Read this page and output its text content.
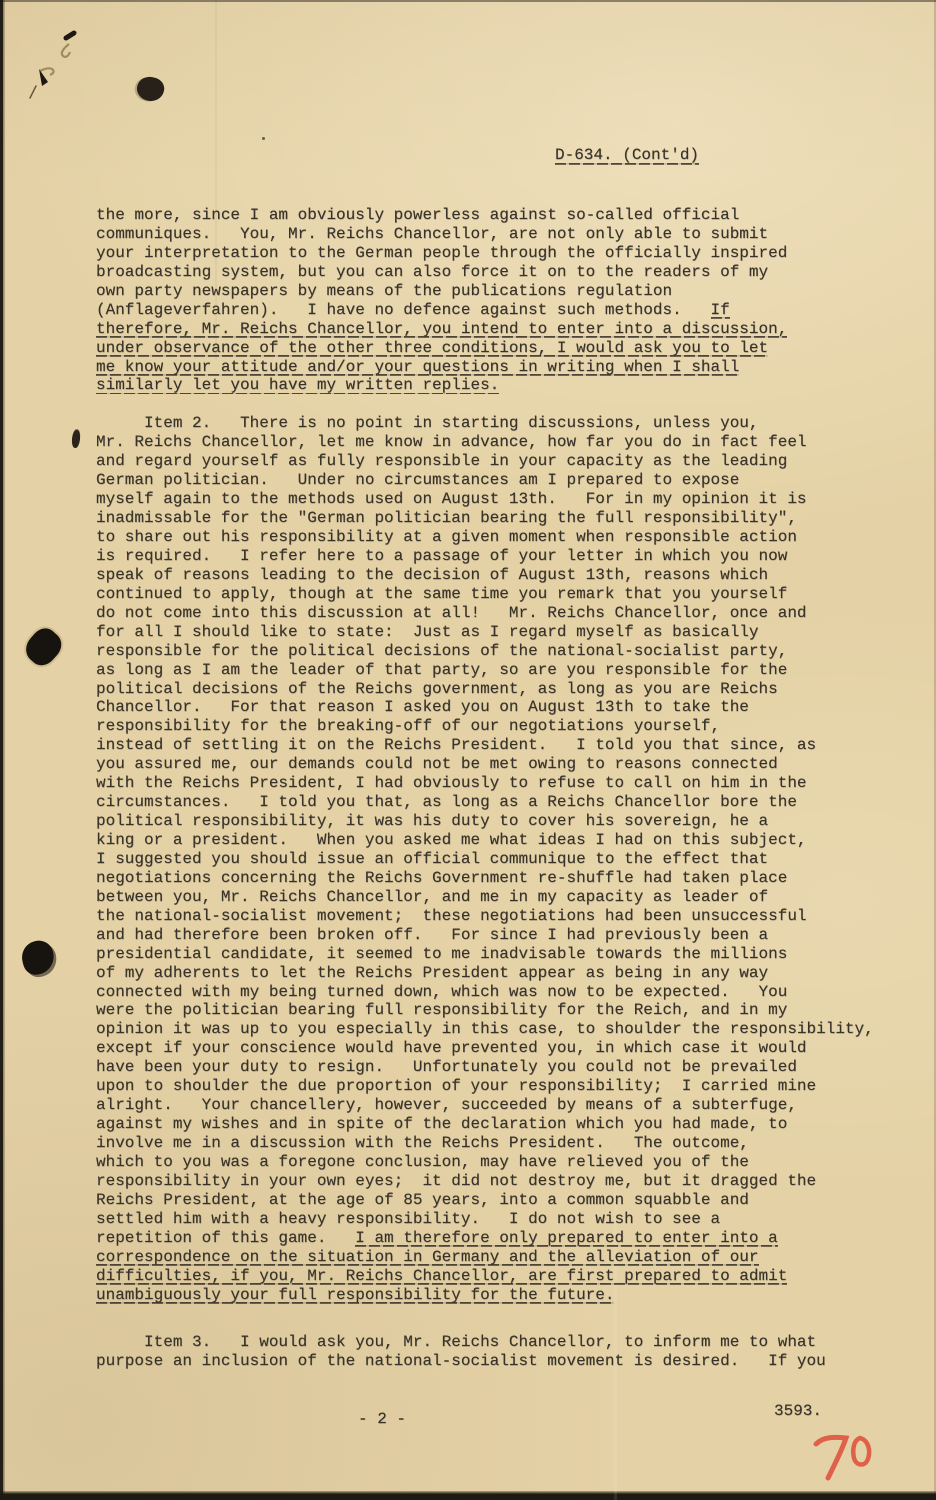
D-634. (Cont'd)
the more, since I am obviously powerless against so-called official
communiques.   You, Mr. Reichs Chancellor, are not only able to submit
your interpretation to the German people through the officially inspired
broadcasting system, but you can also force it on to the readers of my
own party newspapers by means of the publications regulation
(Anflageverfahren).   I have no defence against such methods.   If
therefore, Mr. Reichs Chancellor, you intend to enter into a discussion,
under observance of the other three conditions, I would ask you to let
me know your attitude and/or your questions in writing when I shall
similarly let you have my written replies.
Item 2.   There is no point in starting discussions, unless you,
Mr. Reichs Chancellor, let me know in advance, how far you do in fact feel
and regard yourself as fully responsible in your capacity as the leading
German politician.   Under no circumstances am I prepared to expose
myself again to the methods used on August 13th.   For in my opinion it is
inadmissable for the "German politician bearing the full responsibility",
to share out his responsibility at a given moment when responsible action
is required.   I refer here to a passage of your letter in which you now
speak of reasons leading to the decision of August 13th, reasons which
continued to apply, though at the same time you remark that you yourself
do not come into this discussion at all!   Mr. Reichs Chancellor, once and
for all I should like to state:  Just as I regard myself as basically
responsible for the political decisions of the national-socialist party,
as long as I am the leader of that party, so are you responsible for the
political decisions of the Reichs government, as long as you are Reichs
Chancellor.   For that reason I asked you on August 13th to take the
responsibility for the breaking-off of our negotiations yourself,
instead of settling it on the Reichs President.   I told you that since, as
you assured me, our demands could not be met owing to reasons connected
with the Reichs President, I had obviously to refuse to call on him in the
circumstances.   I told you that, as long as a Reichs Chancellor bore the
political responsibility, it was his duty to cover his sovereign, he a
king or a president.   When you asked me what ideas I had on this subject,
I suggested you should issue an official communique to the effect that
negotiations concerning the Reichs Government re-shuffle had taken place
between you, Mr. Reichs Chancellor, and me in my capacity as leader of
the national-socialist movement;  these negotiations had been unsuccessful
and had therefore been broken off.   For since I had previously been a
presidential candidate, it seemed to me inadvisable towards the millions
of my adherents to let the Reichs President appear as being in any way
connected with my being turned down, which was now to be expected.   You
were the politician bearing full responsibility for the Reich, and in my
opinion it was up to you especially in this case, to shoulder the responsibility,
except if your conscience would have prevented you, in which case it would
have been your duty to resign.   Unfortunately you could not be prevailed
upon to shoulder the due proportion of your responsibility;  I carried mine
alright.   Your chancellery, however, succeeded by means of a subterfuge,
against my wishes and in spite of the declaration which you had made, to
involve me in a discussion with the Reichs President.   The outcome,
which to you was a foregone conclusion, may have relieved you of the
responsibility in your own eyes;  it did not destroy me, but it dragged the
Reichs President, at the age of 85 years, into a common squabble and
settled him with a heavy responsibility.   I do not wish to see a
repetition of this game.   I am therefore only prepared to enter into a
correspondence on the situation in Germany and the alleviation of our
difficulties, if you, Mr. Reichs Chancellor, are first prepared to admit
unambiguously your full responsibility for the future.
Item 3.   I would ask you, Mr. Reichs Chancellor, to inform me to what
purpose an inclusion of the national-socialist movement is desired.   If you
- 2 -	3593.
